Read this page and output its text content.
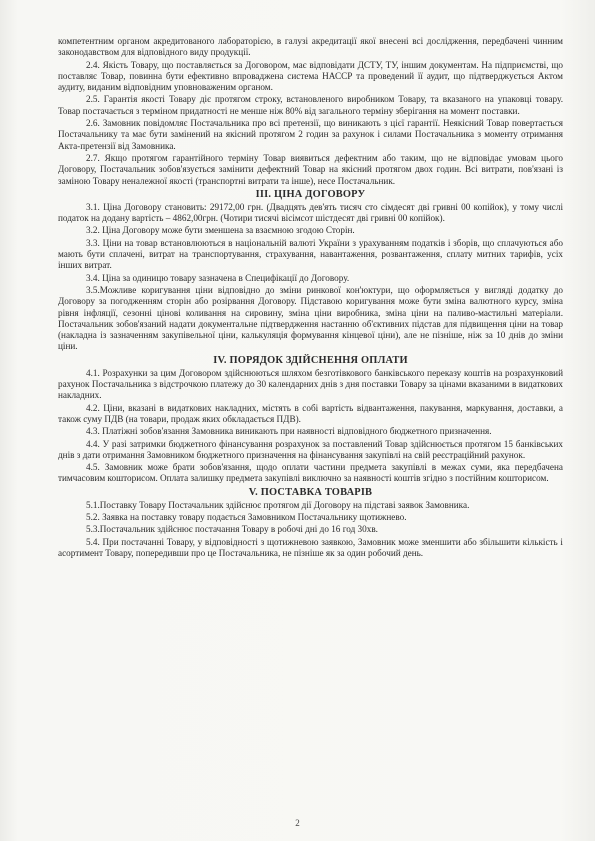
компетентним органом акредитованого лабораторією, в галузі акредитації якої внесені всі дослідження, передбачені чинним законодавством для відповідного виду продукції.

2.4. Якість Товару, що поставляється за Договором, має відповідати ДСТУ, ТУ, іншим документам. На підприємстві, що поставляє Товар, повинна бути ефективно впроваджена система НАССР та проведений її аудит, що підтверджується Актом аудиту, виданим відповідним уповноваженим органом.

2.5. Гарантія якості Товару діє протягом строку, встановленого виробником Товару, та вказаного на упаковці товару. Товар постачається з терміном придатності не менше ніж 80% від загального терміну зберігання на момент поставки.

2.6. Замовник повідомляє Постачальника про всі претензії, що виникають з цієї гарантії. Неякісний Товар повертається Постачальнику та має бути замінений на якісний протягом 2 годин за рахунок і силами Постачальника з моменту отримання Акта-претензії від Замовника.

2.7. Якщо протягом гарантійного терміну Товар виявиться дефектним або таким, що не відповідає умовам цього Договору, Постачальник зобов'язується замінити дефектний Товар на якісний протягом двох годин. Всі витрати, пов'язані із заміною Товару неналежної якості (транспортні витрати та інше), несе Постачальник.

ІІІ. ЦІНА ДОГОВОРУ

3.1. Ціна Договору становить: 29172,00 грн. (Двадцять дев'ять тисяч сто сімдесят дві гривні 00 копійок), у тому числі податок на додану вартість – 4862,00грн. (Чотири тисячі вісімсот шістдесят дві гривні 00 копійок).

3.2. Ціна Договору може бути зменшена за взаємною згодою Сторін.

3.3. Ціни на товар встановлюються в національній валюті України з урахуванням податків і зборів, що сплачуються або мають бути сплачені, витрат на транспортування, страхування, навантаження, розвантаження, сплату митних тарифів, усіх інших витрат.

3.4. Ціна за одиницю товару зазначена в Специфікації до Договору.

3.5.Можливе коригування ціни відповідно до зміни ринкової кон'юктури, що оформляється у вигляді додатку до Договору за погодженням сторін або розірвання Договору. Підставою коригування може бути зміна валютного курсу, зміна рівня інфляції, сезонні цінові коливання на сировину, зміна ціни виробника, зміна ціни на паливо-мастильні матеріали. Постачальник зобов'язаний надати документальне підтвердження настанню об'єктивних підстав для підвищення ціни на товар (накладна із зазначенням закупівельної ціни, калькуляція формування кінцевої ціни), але не пізніше, ніж за 10 днів до зміни ціни.

IV. ПОРЯДОК ЗДІЙСНЕННЯ ОПЛАТИ

4.1. Розрахунки за цим Договором здійснюються шляхом безготівкового банківського переказу коштів на розрахунковий рахунок Постачальника з відстрочкою платежу до 30 календарних днів з дня поставки Товару за цінами вказаними в видаткових накладних.

4.2. Ціни, вказані в видаткових накладних, містять в собі вартість відвантаження, пакування, маркування, доставки, а також суму ПДВ (на товари, продаж яких обкладається ПДВ).

4.3. Платіжні зобов'язання Замовника виникають при наявності відповідного бюджетного призначення.

4.4. У разі затримки бюджетного фінансування розрахунок за поставлений Товар здійснюється протягом 15 банківських днів з дати отримання Замовником бюджетного призначення на фінансування закупівлі на свій реєстраційний рахунок.

4.5. Замовник може брати зобов'язання, щодо оплати частини предмета закупівлі в межах суми, яка передбачена тимчасовим кошторисом. Оплата залишку предмета закупівлі виключно за наявності коштів згідно з постійним кошторисом.

V. ПОСТАВКА ТОВАРІВ

5.1.Поставку Товару Постачальник здійснює протягом дії Договору на підставі заявок Замовника.

5.2. Заявка на поставку товару подається Замовником Постачальнику щотижнево.

5.3.Постачальник здійснює постачання Товару в робочі дні до 16 год 30хв.

5.4. При постачанні Товару, у відповідності з щотижневою заявкою, Замовник може зменшити або збільшити кількість і асортимент Товару, попередивши про це Постачальника, не пізніше як за один робочий день.

2
